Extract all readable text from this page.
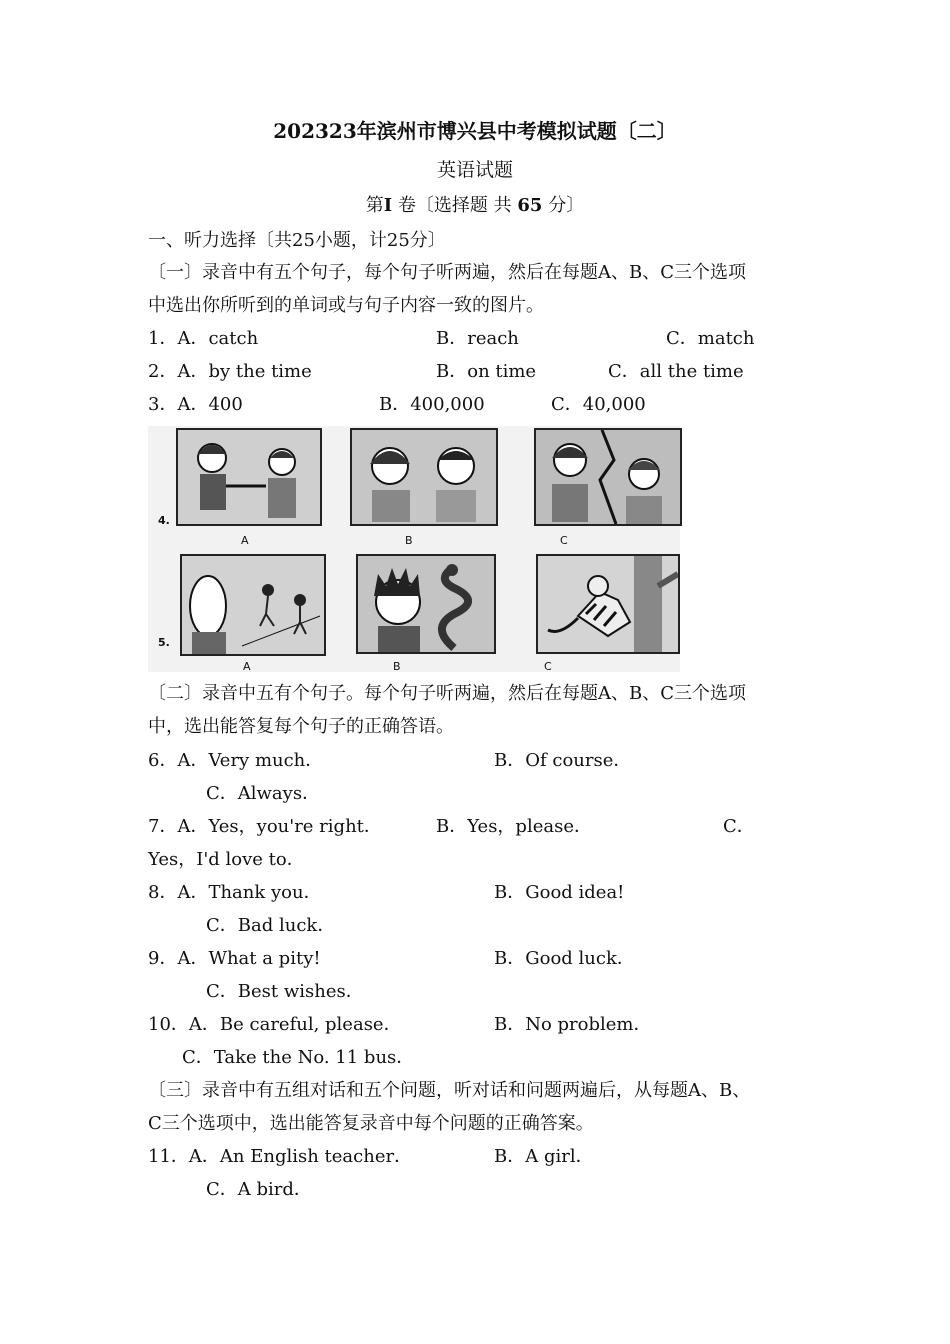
202323年滨州市博兴县中考模拟试题〔二〕
英语试题
第I 卷〔选择题 共 65 分〕
一、听力选择〔共25小题，计25分〕
〔一〕录音中有五个句子，每个句子听两遍，然后在每题A、B、C三个选项
中选出你所听到的单词或与句子内容一致的图片。
1．A．catch	B．reach	C．match
2．A．by the time	B．on time	C．all the time
3．A．400	B．400,000	C．40,000
4.
A	B	C
5.
A	B	C
〔二〕录音中五有个句子。每个句子听两遍，然后在每题A、B、C三个选项
中，选出能答复每个句子的正确答语。
6．A．Very much．	B．Of course．
C．Always．
7．A．Yes，you're right．	B．Yes，please．	C．
Yes，I'd love to．
8．A．Thank you．	B．Good idea!
C．Bad luck．
9．A．What a pity!	B．Good luck．
C．Best wishes．
10．A．Be careful, please．	B．No problem．
C．Take the No. 11 bus．
〔三〕录音中有五组对话和五个问题，听对话和问题两遍后，从每题A、B、
C三个选项中，选出能答复录音中每个问题的正确答案。
11．A．An English teacher．	B．A girl．
C．A bird．
